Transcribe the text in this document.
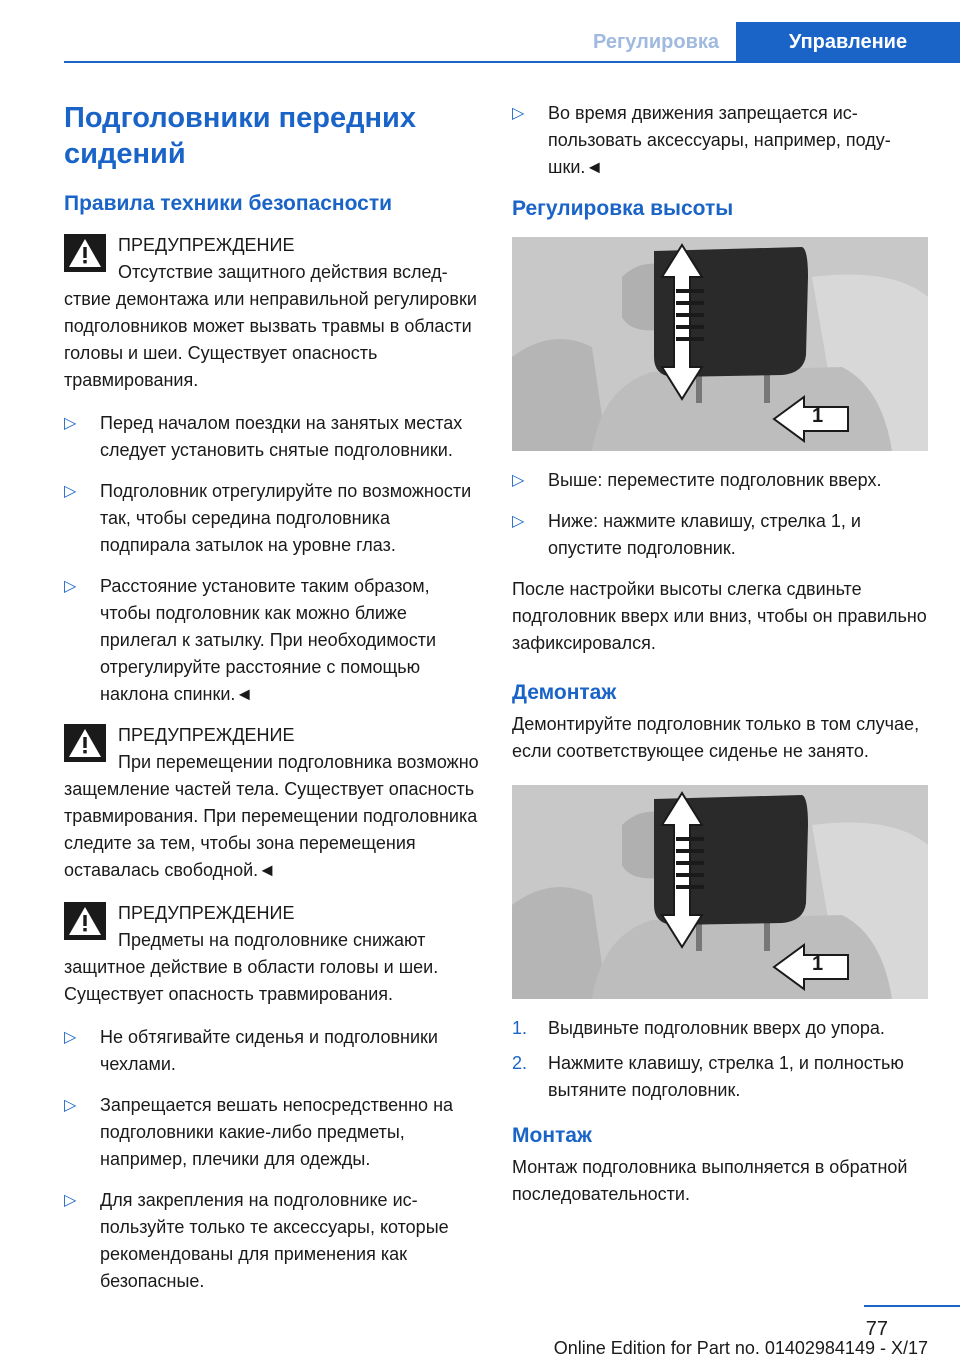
Регулировка	Управление
Подголовники передних сидений
Правила техники безопасности
ПРЕДУПРЕЖДЕНИЕ

Отсутствие защитного действия вследствие демонтажа или неправильной регулировки подголовников может вызвать травмы в области головы и шеи. Существует опасность травмирования.

▷ Перед началом поездки на занятых местах следует установить снятые подголовники.
▷ Подголовник отрегулируйте по возможности так, чтобы середина подголовника подпирала затылок на уровне глаз.
▷ Расстояние установите таким образом, чтобы подголовник как можно ближе прилегал к затылку. При необходимости отрегулируйте расстояние с помощью наклона спинки.◄
ПРЕДУПРЕЖДЕНИЕ

При перемещении подголовника возможно защемление частей тела. Существует опасность травмирования. При перемещении подголовника следите за тем, чтобы зона перемещения оставалась свободной.◄

ПРЕДУПРЕЖДЕНИЕ

Предметы на подголовнике снижают защитное действие в области головы и шеи. Существует опасность травмирования.

▷ Не обтягивайте сиденья и подголовники чехлами.
▷ Запрещается вешать непосредственно на подголовники какие-либо предметы, например, плечики для одежды.
▷ Для закрепления на подголовнике используйте только те аксессуары, которые рекомендованы для применения как безопасные.
▷ Во время движения запрещается использовать аксессуары, например, подушки.◄
Регулировка высоты
1
▷ Выше: переместите подголовник вверх.
▷ Ниже: нажмите клавишу, стрелка 1, и опустите подголовник.

После настройки высоты слегка сдвиньте подголовник вверх или вниз, чтобы он правильно зафиксировался.

Демонтаж

Демонтируйте подголовник только в том случае, если соответствующее сиденье не занято.

1
1. Выдвиньте подголовник вверх до упора.
2. Нажмите клавишу, стрелка 1, и полностью вытяните подголовник.
Монтаж

Монтаж подголовника выполняется в обратной последовательности.

77
Online Edition for Part no. 01402984149 - X/17
